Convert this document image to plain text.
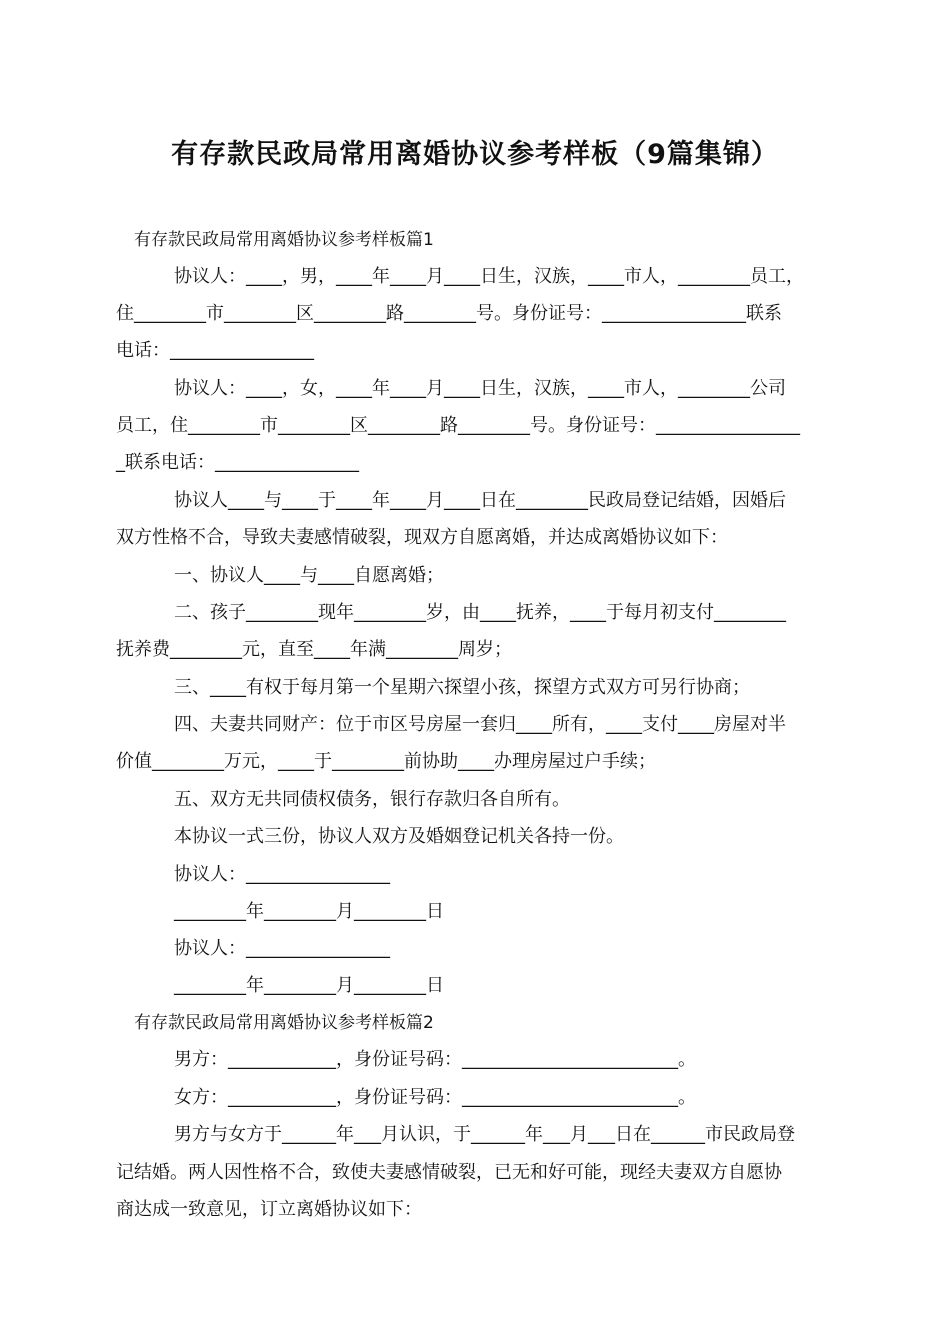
有存款民政局常用离婚协议参考样板（9篇集锦）
有存款民政局常用离婚协议参考样板篇1
协议人：____，男，____年____月____日生，汉族，____市人，________员工，
住________市________区________路________号。身份证号：________________联系
电话：________________
协议人：____，女，____年____月____日生，汉族，____市人，________公司
员工，住________市________区________路________号。身份证号：________________
_联系电话：________________
协议人____与____于____年____月____日在________民政局登记结婚，因婚后
双方性格不合，导致夫妻感情破裂，现双方自愿离婚，并达成离婚协议如下：
一、协议人____与____自愿离婚；
二、孩子________现年________岁，由____抚养，____于每月初支付________
抚养费________元，直至____年满________周岁；
三、____有权于每月第一个星期六探望小孩，探望方式双方可另行协商；
四、夫妻共同财产：位于市区号房屋一套归____所有，____支付____房屋对半
价值________万元，____于________前协助____办理房屋过户手续；
五、双方无共同债权债务，银行存款归各自所有。
本协议一式三份，协议人双方及婚姻登记机关各持一份。
协议人：________________
________年________月________日
协议人：________________
________年________月________日
有存款民政局常用离婚协议参考样板篇2
男方：____________，身份证号码：________________________。
女方：____________，身份证号码：________________________。
男方与女方于______年___月认识，于______年___月___日在______市民政局登
记结婚。两人因性格不合，致使夫妻感情破裂，已无和好可能，现经夫妻双方自愿协
商达成一致意见，订立离婚协议如下：
